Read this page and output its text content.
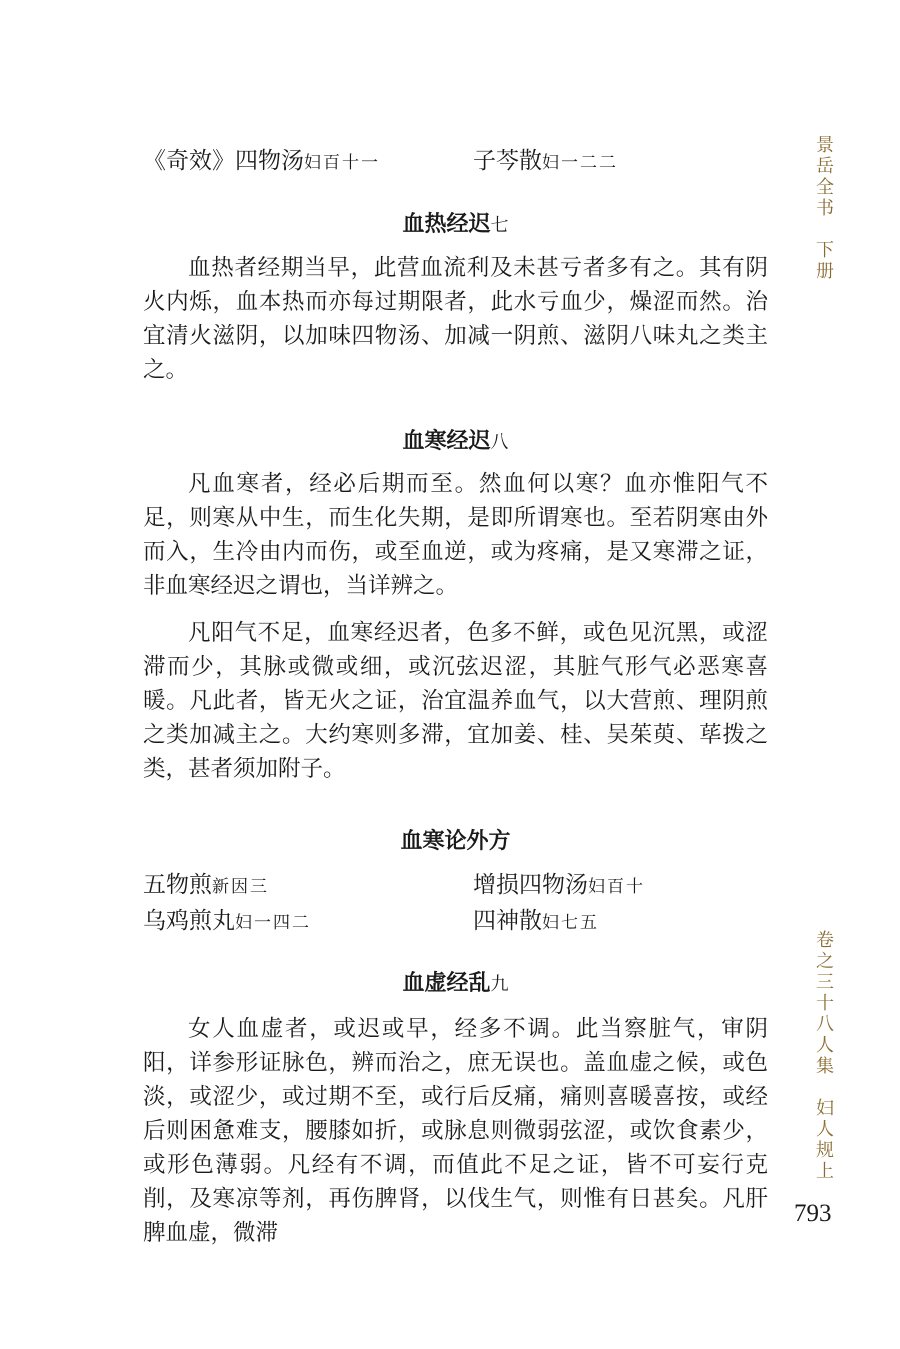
《奇效》四物汤妇百十一	子芩散妇一二二
血热经迟七

血热者经期当早，此营血流利及未甚亏者多有之。其有阴火内烁，血本热而亦每过期限者，此水亏血少，燥涩而然。治宜清火滋阴，以加味四物汤、加减一阴煎、滋阴八味丸之类主之。

血寒经迟八

凡血寒者，经必后期而至。然血何以寒？血亦惟阳气不足，则寒从中生，而生化失期，是即所谓寒也。至若阴寒由外而入，生冷由内而伤，或至血逆，或为疼痛，是又寒滞之证，非血寒经迟之谓也，当详辨之。

凡阳气不足，血寒经迟者，色多不鲜，或色见沉黑，或涩滞而少，其脉或微或细，或沉弦迟涩，其脏气形气必恶寒喜暖。凡此者，皆无火之证，治宜温养血气，以大营煎、理阴煎之类加减主之。大约寒则多滞，宜加姜、桂、吴茱萸、荜拨之类，甚者须加附子。

血寒论外方
五物煎新因三	增损四物汤妇百十
乌鸡煎丸妇一四二	四神散妇七五
血虚经乱九

女人血虚者，或迟或早，经多不调。此当察脏气，审阴阳，详参形证脉色，辨而治之，庶无误也。盖血虚之候，或色淡，或涩少，或过期不至，或行后反痛，痛则喜暖喜按，或经后则困惫难支，腰膝如折，或脉息则微弱弦涩，或饮食素少，或形色薄弱。凡经有不调，而值此不足之证，皆不可妄行克削，及寒凉等剂，再伤脾肾，以伐生气，则惟有日甚矣。凡肝脾血虚，微滞

景岳全书　下册
卷之三十八人集　妇人规上
793
